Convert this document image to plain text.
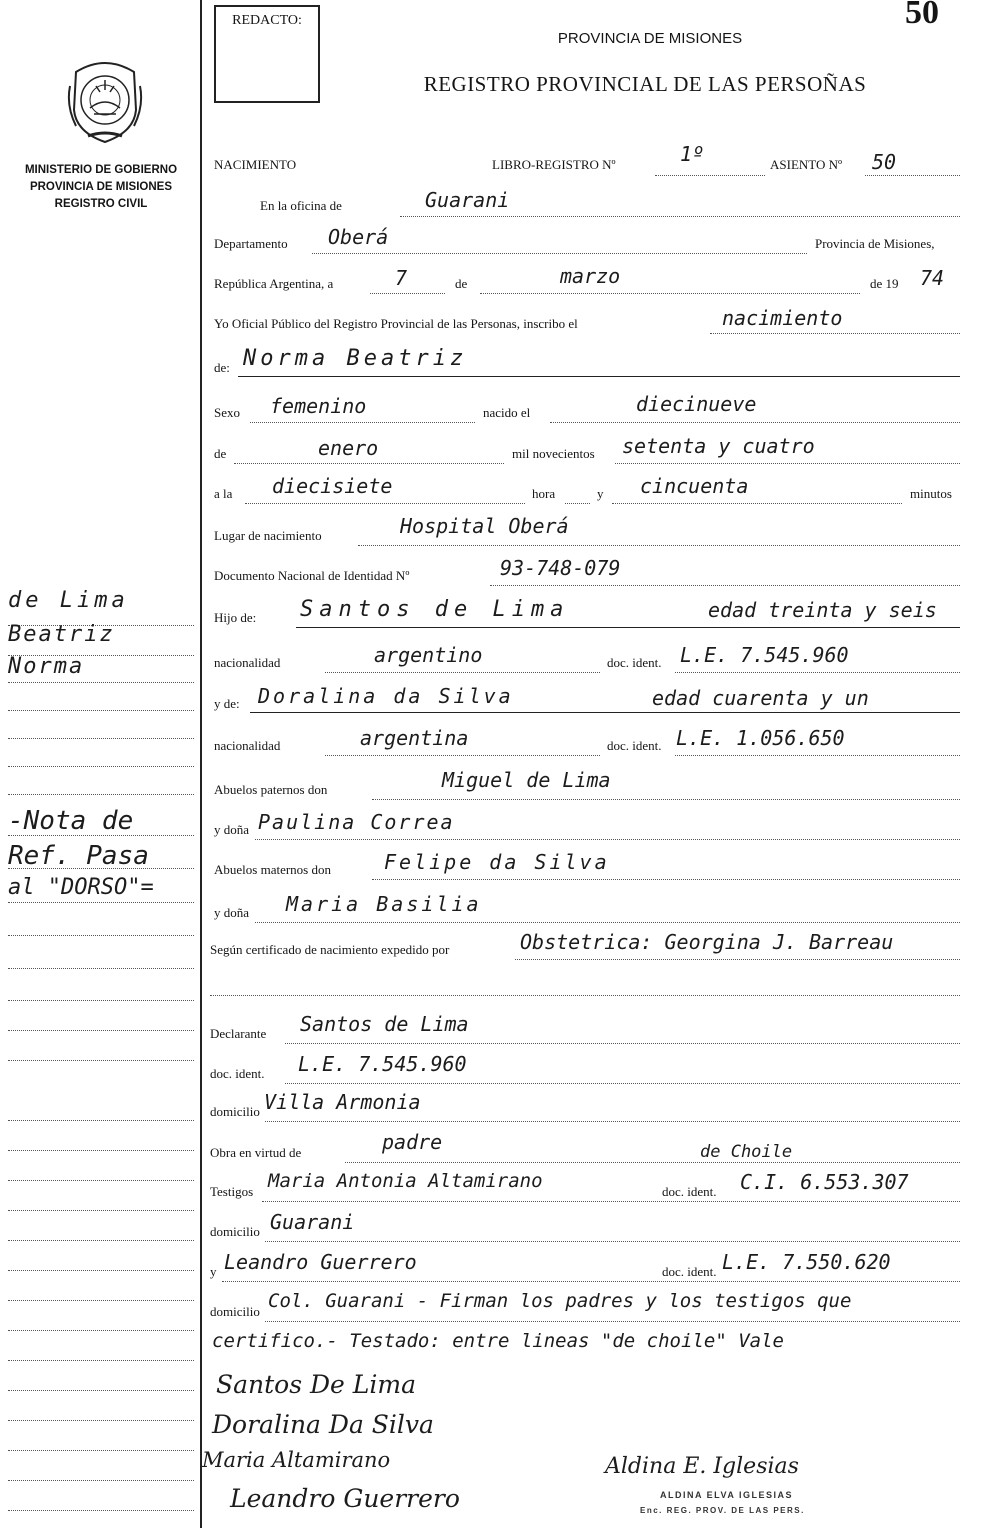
REDACTO:	50
PROVINCIA DE MISIONES
REGISTRO PROVINCIAL DE LAS PERSOÑAS
MINISTERIO DE GOBIERNO
PROVINCIA DE MISIONES
REGISTRO CIVIL
NACIMIENTO	LIBRO-REGISTRO Nº	1º	ASIENTO Nº 50
En la oficina de	Guarani
Departamento Oberá	Provincia de Misiones,
República Argentina, a	7	de	marzo	de 19 74
Yo Oficial Público del Registro Provincial de las Personas, inscribo el	nacimiento
de: Norma Beatriz
Sexo femenino	nacido el	diecinueve
de	enero	mil novecientos setenta y cuatro
a la diecisiete	hora	y cincuenta	minutos
Lugar de nacimiento	Hospital Oberá
Documento Nacional de Identidad Nº	93-748-079
Hijo de: Santos de Lima	edad treinta y seis
nacionalidad	argentino	doc. ident. L.E. 7.545.960
y de: Doralina da Silva	edad cuarenta y un
nacionalidad	argentina	doc. ident. L.E. 1.056.650
Abuelos paternos don	Miguel de Lima
y doña Paulina Correa
Abuelos maternos don	Felipe da Silva
y doña Maria Basilia
Según certificado de nacimiento expedido por	Obstetrica: Georgina J. Barreau
Declarante Santos de Lima
doc. ident. L.E. 7.545.960
domicilio Villa Armonia
Obra en virtud de	padre	de Choile
Testigos Maria Antonia Altamirano	doc. ident. C.I. 6.553.307
domicilio Guarani
y Leandro Guerrero	doc. ident. L.E. 7.550.620
domicilio Col. Guarani - Firman los padres y los testigos que
certifico.- Testado: entre lineas "de choile" Vale
Santos De Lima
Doralina Da Silva
Maria Altamirano
Leandro Guerrero
Aldina E. Iglesias
ALDINA ELVA IGLESIAS
Enc. REG. PROV. DE LAS PERS.
de Lima
Beatriz
Norma
-Nota de
Ref. Pasa
al "DORSO"=
